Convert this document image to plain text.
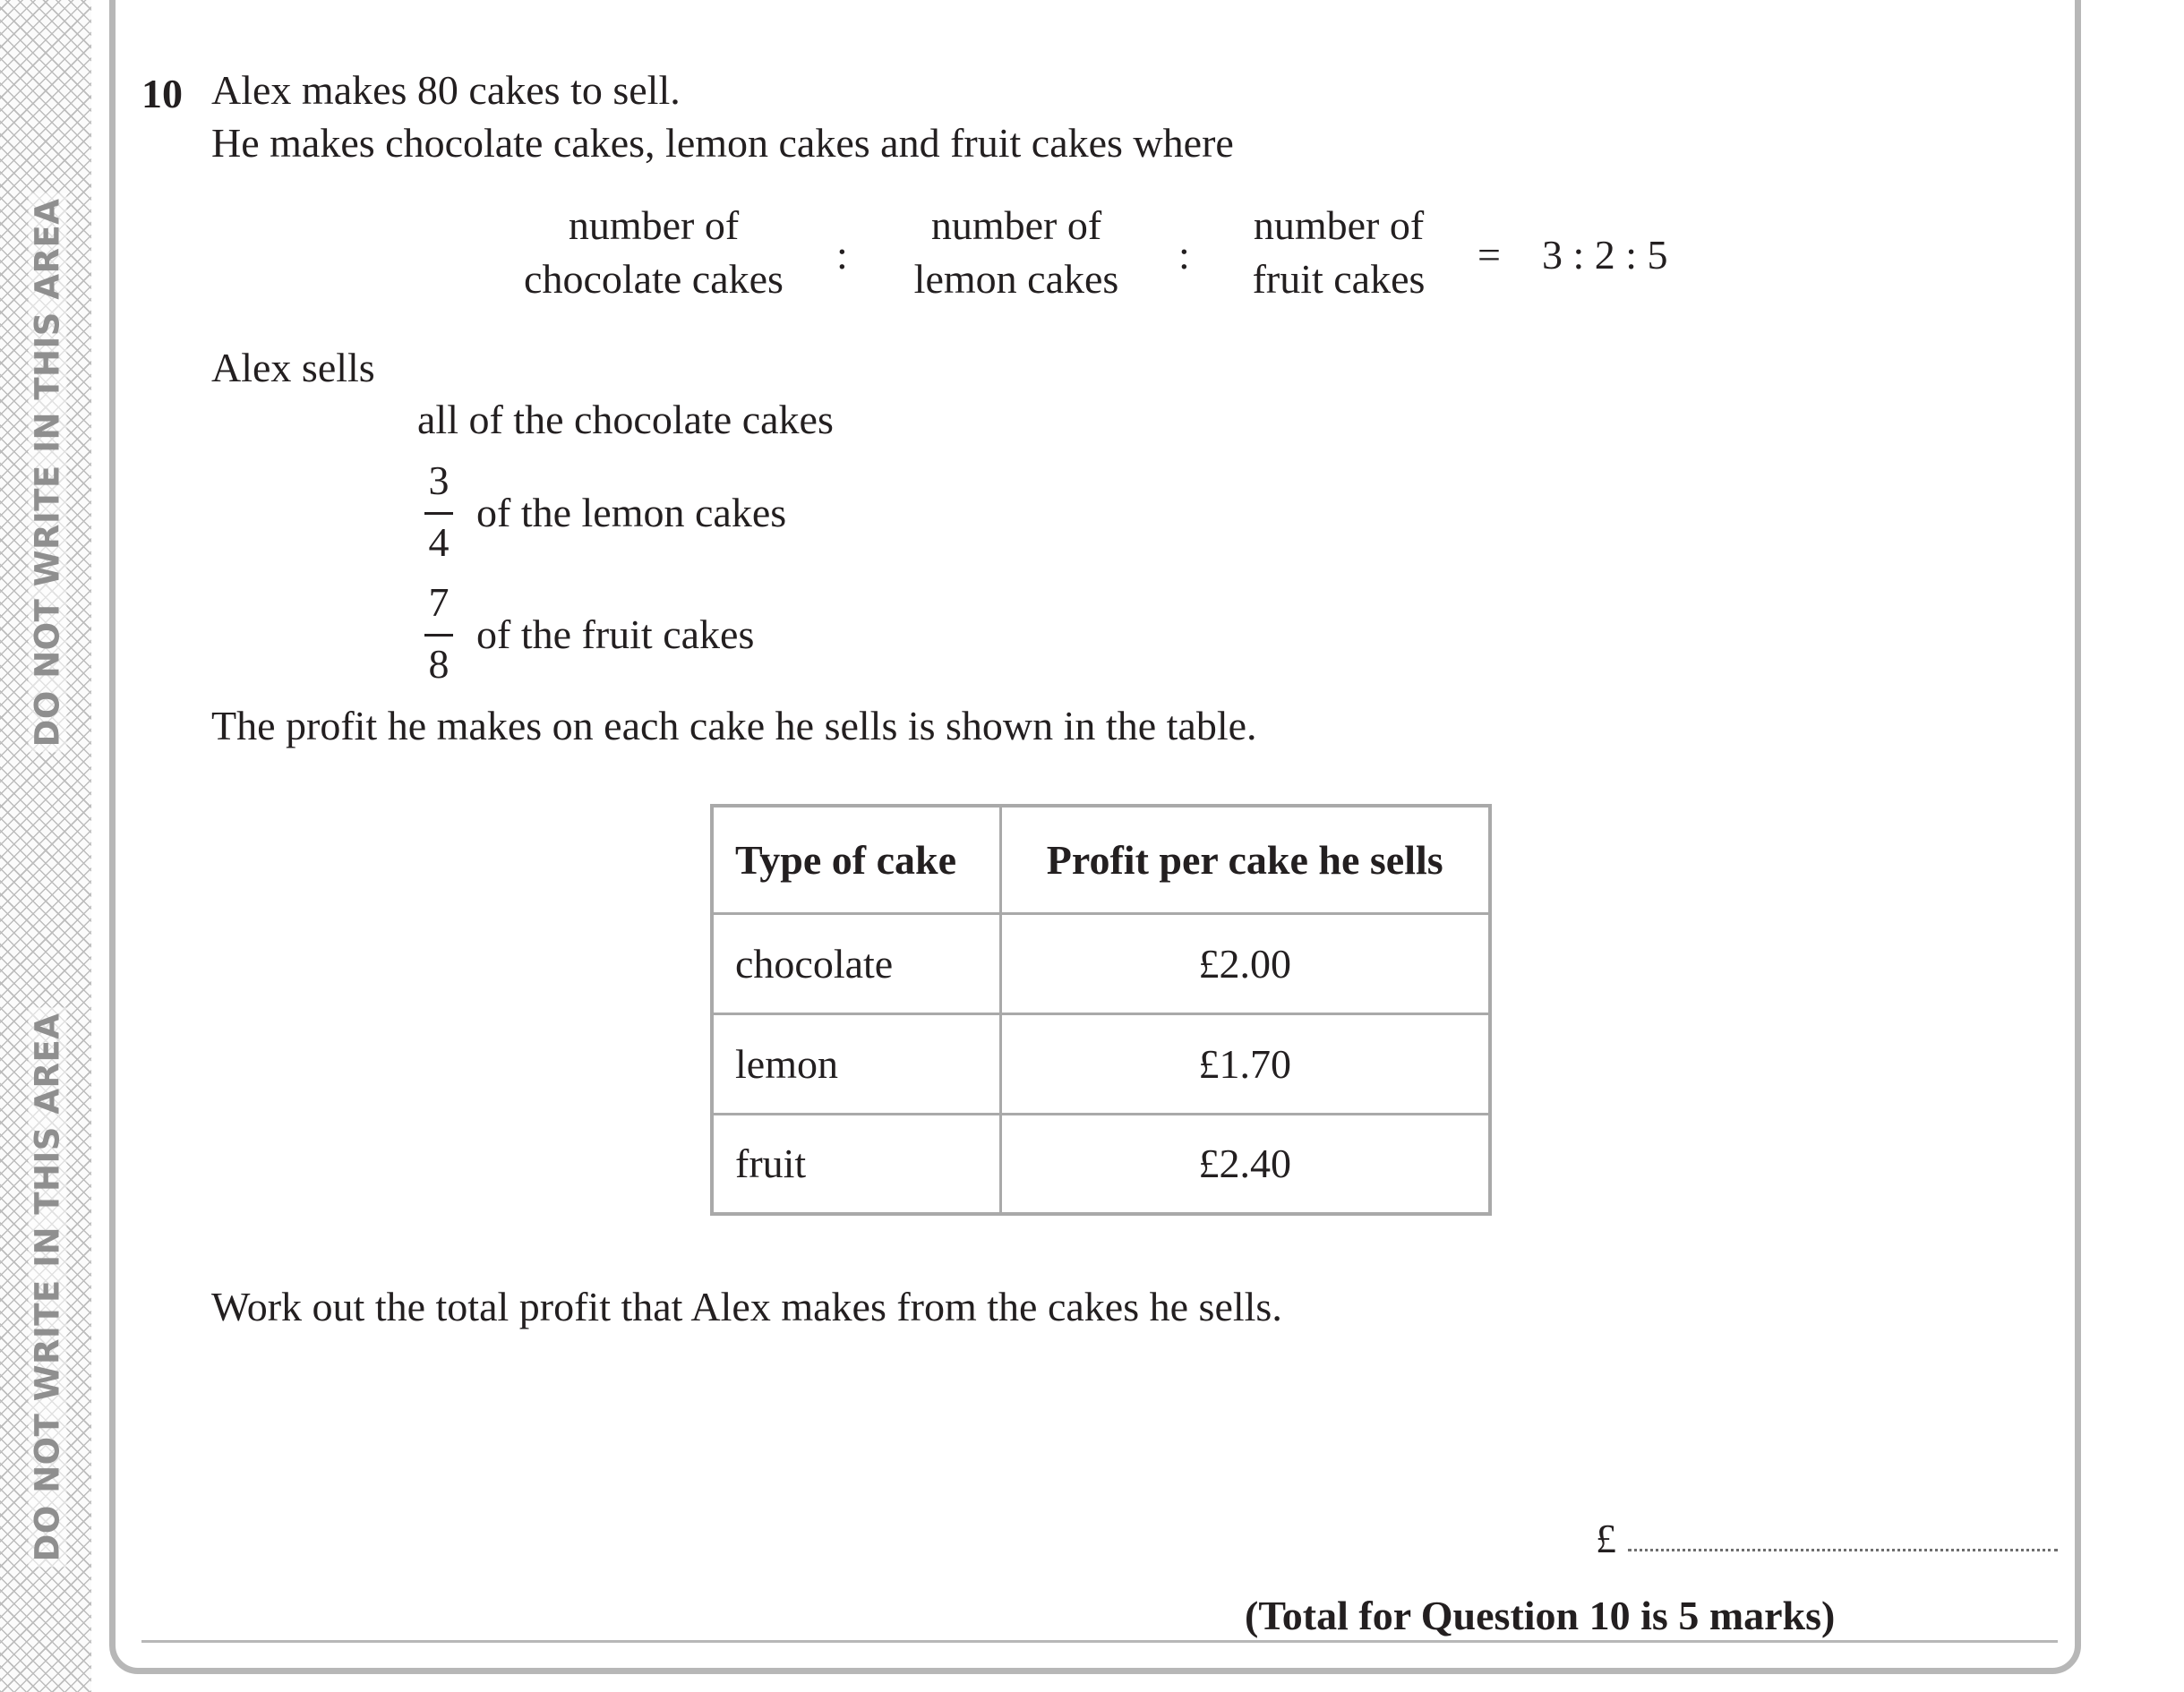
DO NOT WRITE IN THIS AREA
DO NOT WRITE IN THIS AREA
10 Alex makes 80 cakes to sell.
He makes chocolate cakes, lemon cakes and fruit cakes where
number of
chocolate cakes
:
number of
lemon cakes
:
number of
fruit cakes
= 3 : 2 : 5
Alex sells
all of the chocolate cakes
3
4
of the lemon cakes
7
8
of the fruit cakes
The profit he makes on each cake he sells is shown in the table.
Type of cake	Profit per cake he sells
chocolate	£2.00
lemon	£1.70
fruit	£2.40
Work out the total profit that Alex makes from the cakes he sells.
£
(Total for Question 10 is 5 marks)
